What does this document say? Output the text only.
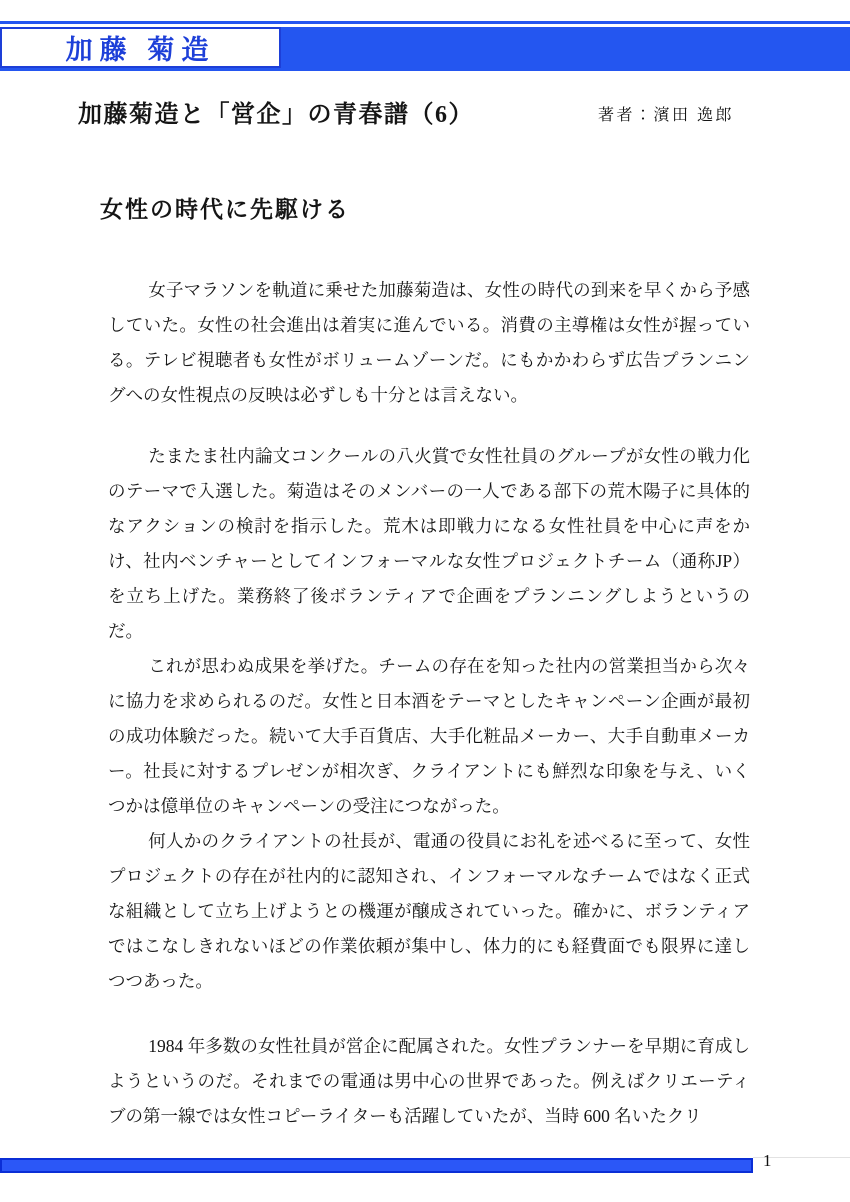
加藤 菊造
加藤菊造と「営企」の青春譜（6）	著者：濱田 逸郎
女性の時代に先駆ける

女子マラソンを軌道に乗せた加藤菊造は、女性の時代の到来を早くから予感していた。女性の社会進出は着実に進んでいる。消費の主導権は女性が握っている。テレビ視聴者も女性がボリュームゾーンだ。にもかかわらず広告プランニングへの女性視点の反映は必ずしも十分とは言えない。

たまたま社内論文コンクールの八火賞で女性社員のグループが女性の戦力化のテーマで入選した。菊造はそのメンバーの一人である部下の荒木陽子に具体的なアクションの検討を指示した。荒木は即戦力になる女性社員を中心に声をかけ、社内ベンチャーとしてインフォーマルな女性プロジェクトチーム（通称JP）を立ち上げた。業務終了後ボランティアで企画をプランニングしようというのだ。

これが思わぬ成果を挙げた。チームの存在を知った社内の営業担当から次々に協力を求められるのだ。女性と日本酒をテーマとしたキャンペーン企画が最初の成功体験だった。続いて大手百貨店、大手化粧品メーカー、大手自動車メーカー。社長に対するプレゼンが相次ぎ、クライアントにも鮮烈な印象を与え、いくつかは億単位のキャンペーンの受注につながった。

何人かのクライアントの社長が、電通の役員にお礼を述べるに至って、女性プロジェクトの存在が社内的に認知され、インフォーマルなチームではなく正式な組織として立ち上げようとの機運が醸成されていった。確かに、ボランティアではこなしきれないほどの作業依頼が集中し、体力的にも経費面でも限界に達しつつあった。

1984 年多数の女性社員が営企に配属された。女性プランナーを早期に育成しようというのだ。それまでの電通は男中心の世界であった。例えばクリエーティブの第一線では女性コピーライターも活躍していたが、当時 600 名いたクリ

1
